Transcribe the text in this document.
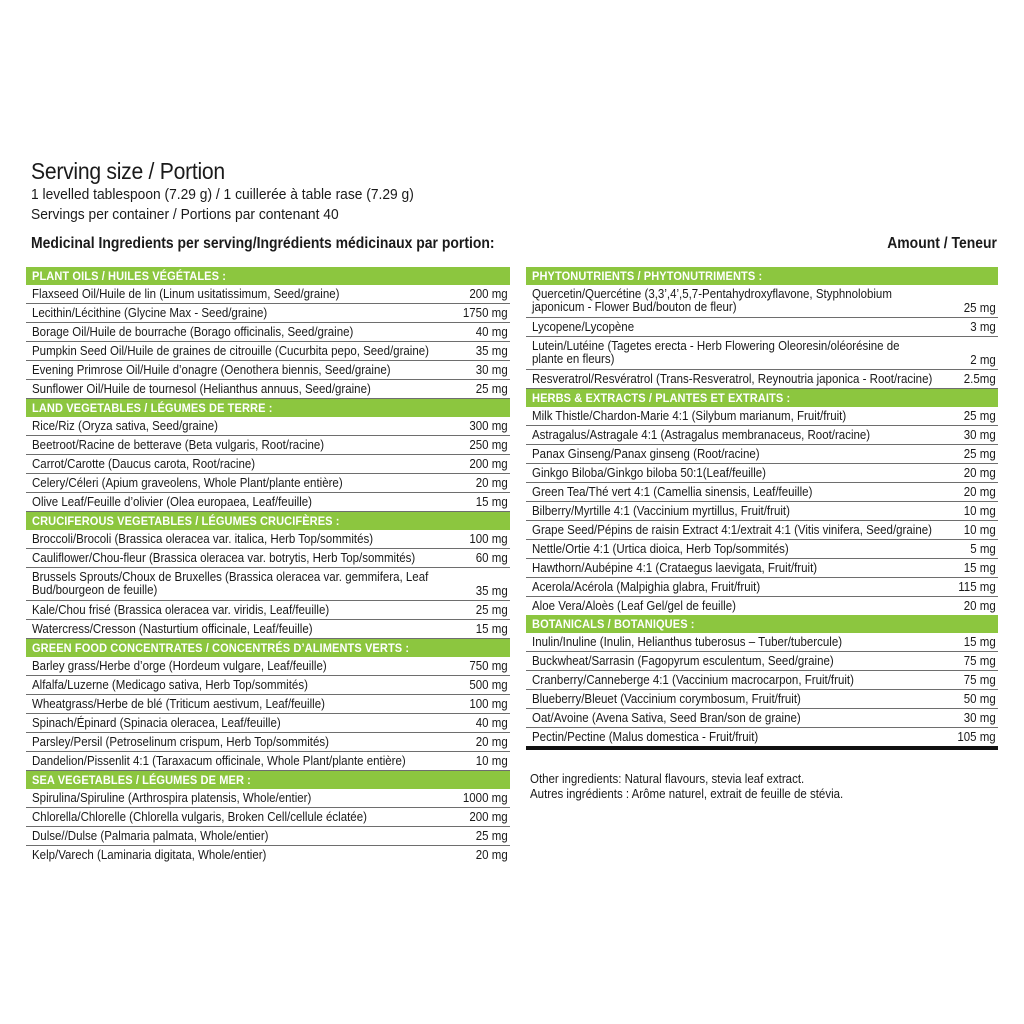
Serving size / Portion
1 levelled tablespoon (7.29 g) / 1 cuillerée à table rase (7.29 g)
Servings per container / Portions par contenant 40
Medicinal Ingredients per serving/Ingrédients médicinaux par portion:	Amount / Teneur
PLANT OILS / HUILES VÉGÉTALES :
Flaxseed Oil/Huile de lin (Linum usitatissimum, Seed/graine)	200 mg
Lecithin/Lécithine (Glycine Max - Seed/graine)	1750 mg
Borage Oil/Huile de bourrache (Borago officinalis, Seed/graine)	40 mg
Pumpkin Seed Oil/Huile de graines de citrouille (Cucurbita pepo, Seed/graine)	35 mg
Evening Primrose Oil/Huile d’onagre (Oenothera biennis, Seed/graine)	30 mg
Sunflower Oil/Huile de tournesol (Helianthus annuus, Seed/graine)	25 mg
LAND VEGETABLES / LÉGUMES DE TERRE :
Rice/Riz (Oryza sativa, Seed/graine)	300 mg
Beetroot/Racine de betterave (Beta vulgaris, Root/racine)	250 mg
Carrot/Carotte (Daucus carota, Root/racine)	200 mg
Celery/Céleri (Apium graveolens, Whole Plant/plante entière)	20 mg
Olive Leaf/Feuille d’olivier (Olea europaea, Leaf/feuille)	15 mg
CRUCIFEROUS VEGETABLES / LÉGUMES CRUCIFÈRES :
Broccoli/Brocoli (Brassica oleracea var. italica, Herb Top/sommités)	100 mg
Cauliflower/Chou-fleur (Brassica oleracea var. botrytis, Herb Top/sommités)	60 mg
Brussels Sprouts/Choux de Bruxelles (Brassica oleracea var. gemmifera, Leaf Bud/bourgeon de feuille)	35 mg
Kale/Chou frisé (Brassica oleracea var. viridis, Leaf/feuille)	25 mg
Watercress/Cresson (Nasturtium officinale, Leaf/feuille)	15 mg
GREEN FOOD CONCENTRATES / CONCENTRÉS D’ALIMENTS VERTS :
Barley grass/Herbe d’orge (Hordeum vulgare, Leaf/feuille)	750 mg
Alfalfa/Luzerne (Medicago sativa, Herb Top/sommités)	500 mg
Wheatgrass/Herbe de blé (Triticum aestivum, Leaf/feuille)	100 mg
Spinach/Épinard (Spinacia oleracea, Leaf/feuille)	40 mg
Parsley/Persil (Petroselinum crispum, Herb Top/sommités)	20 mg
Dandelion/Pissenlit 4:1 (Taraxacum officinale, Whole Plant/plante entière)	10 mg
SEA VEGETABLES / LÉGUMES DE MER :
Spirulina/Spiruline (Arthrospira platensis, Whole/entier)	1000 mg
Chlorella/Chlorelle (Chlorella vulgaris, Broken Cell/cellule éclatée)	200 mg
Dulse//Dulse (Palmaria palmata, Whole/entier)	25 mg
Kelp/Varech (Laminaria digitata, Whole/entier)	20 mg
PHYTONUTRIENTS / PHYTONUTRIMENTS :
Quercetin/Quercétine (3,3’,4’,5,7-Pentahydroxyflavone, Styphnolobium japonicum - Flower Bud/bouton de fleur)	25 mg
Lycopene/Lycopène	3 mg
Lutein/Lutéine (Tagetes erecta - Herb Flowering Oleoresin/oléorésine de plante en fleurs)	2 mg
Resveratrol/Resvératrol (Trans-Resveratrol, Reynoutria japonica - Root/racine)	2.5mg
HERBS & EXTRACTS / PLANTES ET EXTRAITS :
Milk Thistle/Chardon-Marie 4:1 (Silybum marianum, Fruit/fruit)	25 mg
Astragalus/Astragale 4:1 (Astragalus membranaceus, Root/racine)	30 mg
Panax Ginseng/Panax ginseng (Root/racine)	25 mg
Ginkgo Biloba/Ginkgo biloba 50:1(Leaf/feuille)	20 mg
Green Tea/Thé vert 4:1 (Camellia sinensis, Leaf/feuille)	20 mg
Bilberry/Myrtille 4:1 (Vaccinium myrtillus, Fruit/fruit)	10 mg
Grape Seed/Pépins de raisin Extract 4:1/extrait 4:1 (Vitis vinifera, Seed/graine)	10 mg
Nettle/Ortie 4:1 (Urtica dioica, Herb Top/sommités)	5 mg
Hawthorn/Aubépine 4:1 (Crataegus laevigata, Fruit/fruit)	15 mg
Acerola/Acérola (Malpighia glabra, Fruit/fruit)	115 mg
Aloe Vera/Aloès (Leaf Gel/gel de feuille)	20 mg
BOTANICALS / BOTANIQUES :
Inulin/Inuline (Inulin, Helianthus tuberosus – Tuber/tubercule)	15 mg
Buckwheat/Sarrasin (Fagopyrum esculentum, Seed/graine)	75 mg
Cranberry/Canneberge 4:1 (Vaccinium macrocarpon, Fruit/fruit)	75 mg
Blueberry/Bleuet (Vaccinium corymbosum, Fruit/fruit)	50 mg
Oat/Avoine (Avena Sativa, Seed Bran/son de graine)	30 mg
Pectin/Pectine (Malus domestica - Fruit/fruit)	105 mg
Other ingredients: Natural flavours, stevia leaf extract.
Autres ingrédients : Arôme naturel, extrait de feuille de stévia.
